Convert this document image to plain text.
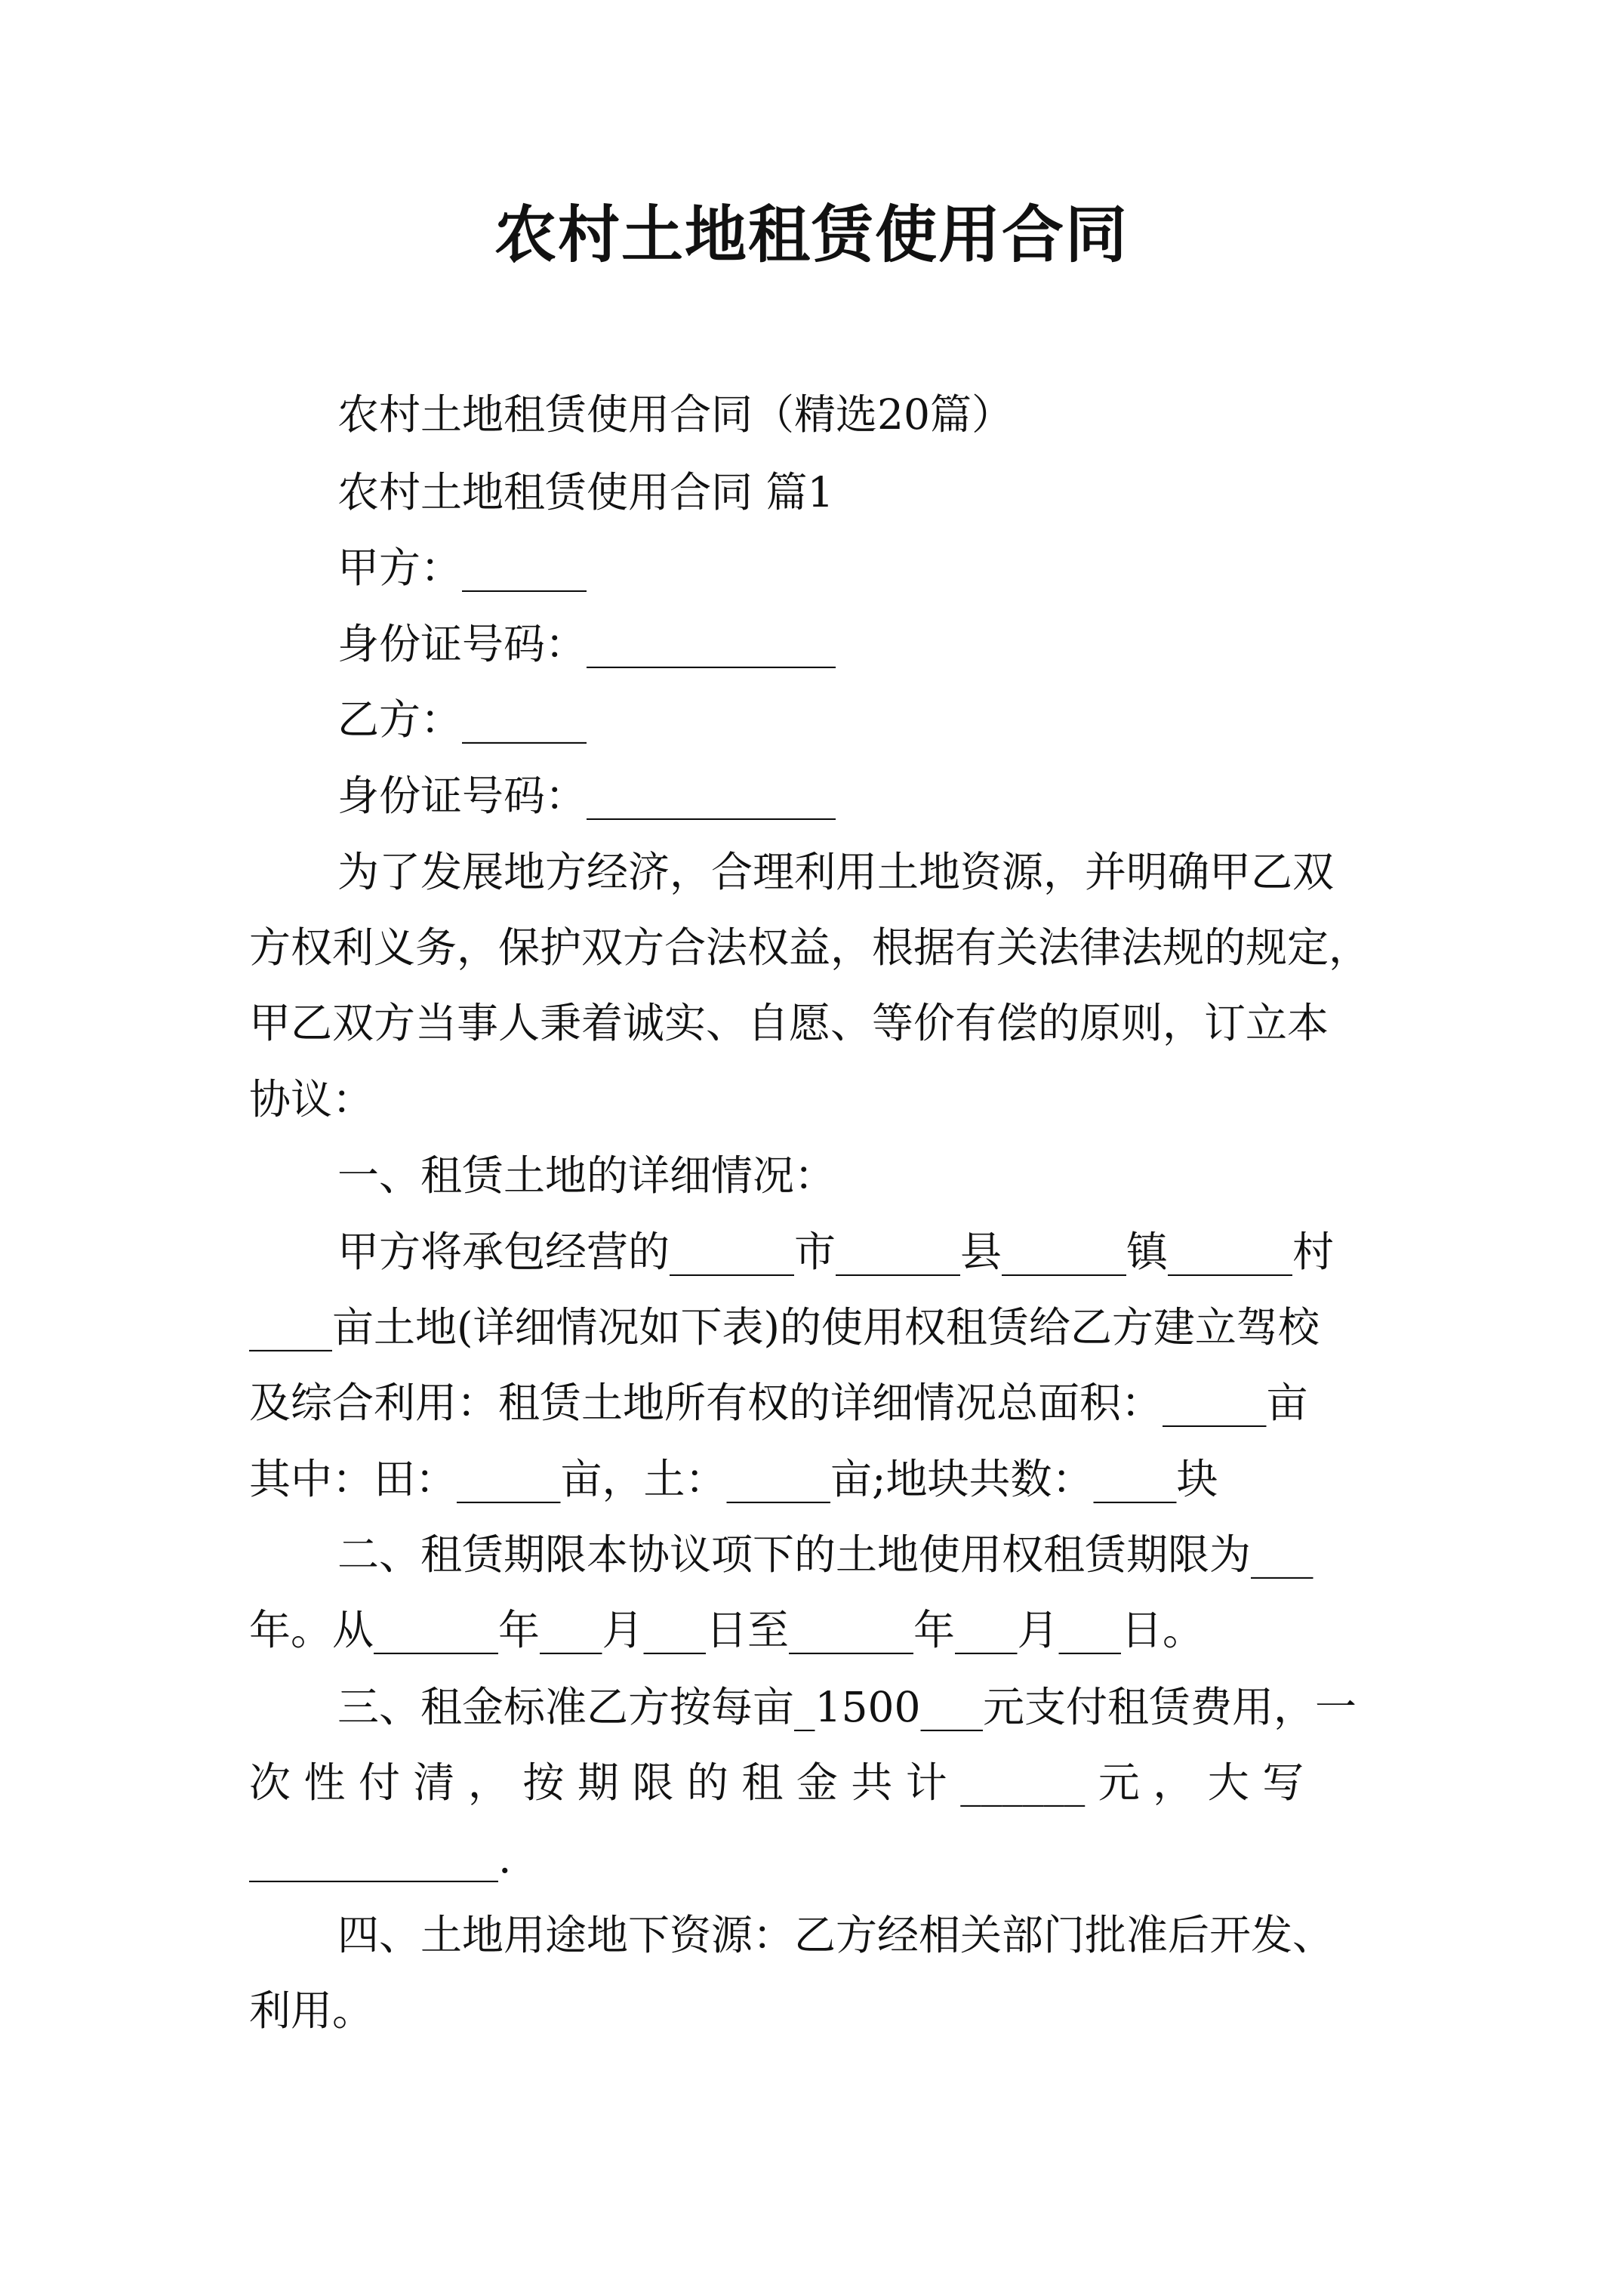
农村土地租赁使用合同
农村土地租赁使用合同（精选20篇）
农村土地租赁使用合同 篇1
甲方：______
身份证号码：____________
乙方：______
身份证号码：____________
为了发展地方经济，合理利用土地资源，并明确甲乙双
方权利义务，保护双方合法权益，根据有关法律法规的规定，
甲乙双方当事人秉着诚实、自愿、等价有偿的原则，订立本
协议：
一、租赁土地的详细情况：
甲方将承包经营的______市______县______镇______村
____亩土地(详细情况如下表)的使用权租赁给乙方建立驾校
及综合利用：租赁土地所有权的详细情况总面积：_____亩
其中：田：_____亩，土：_____亩;地块共数：____块
二、租赁期限本协议项下的土地使用权租赁期限为___
年。从______年___月___日至______年___月___日。
三、租金标准乙方按每亩_1500___元支付租赁费用，一
次 性 付 清 ， 按 期 限 的 租 金 共 计 ______ 元 ， 大 写
____________.
四、土地用途地下资源：乙方经相关部门批准后开发、
利用。
